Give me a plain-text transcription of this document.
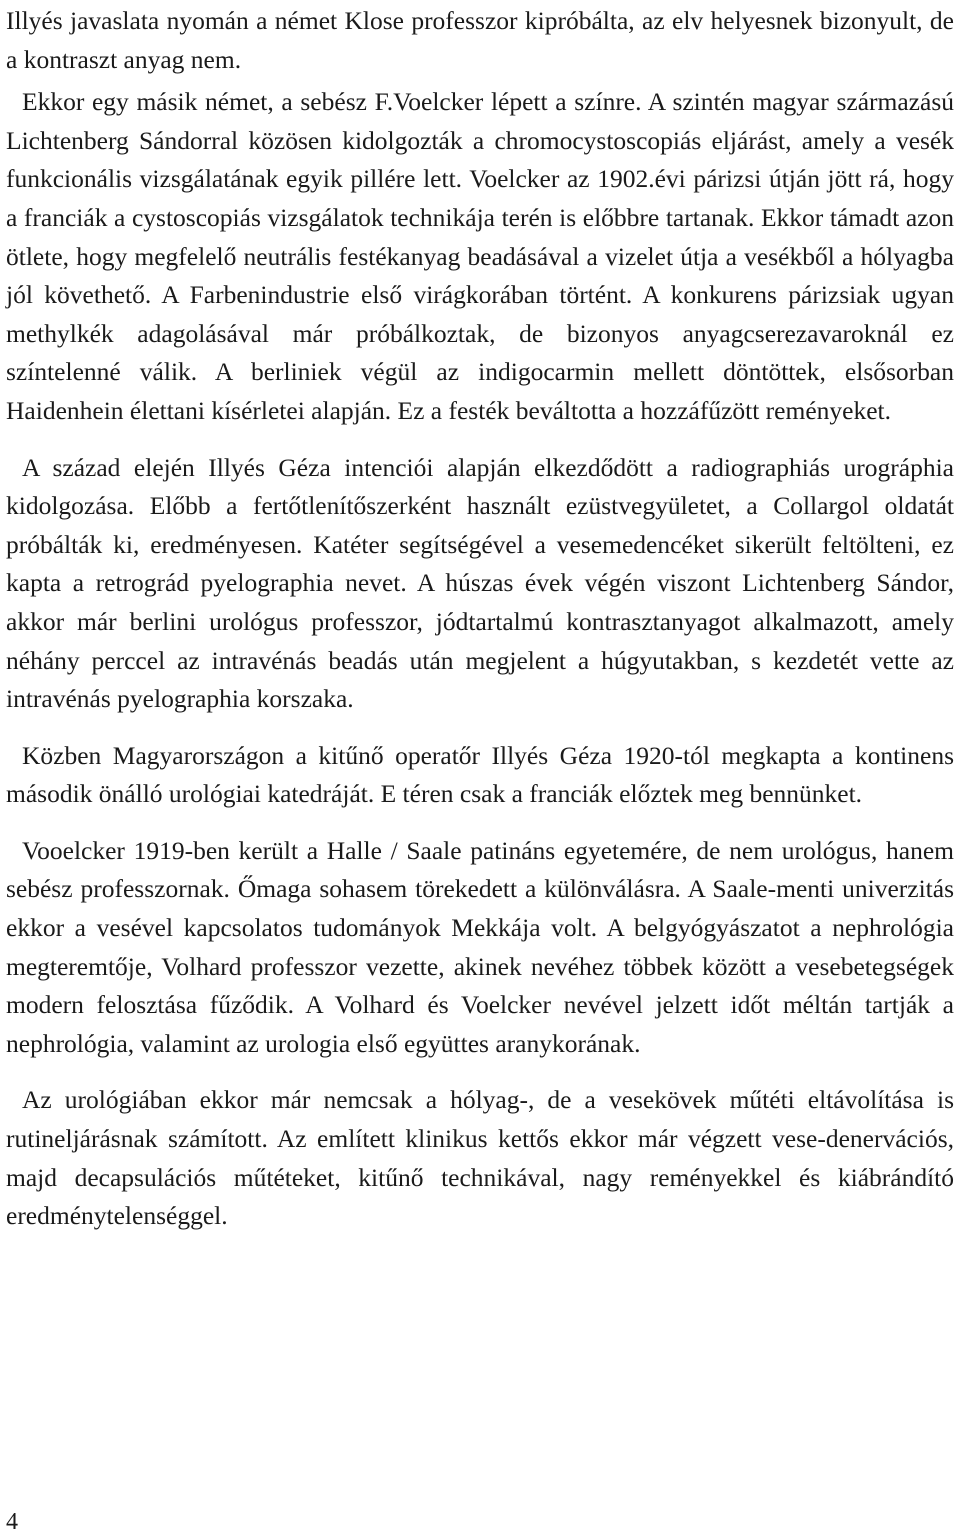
Illyés javaslata nyomán a német Klose professzor kipróbálta, az elv helyesnek bizonyult, de a kontraszt anyag nem.

Ekkor egy másik német, a sebész F.Voelcker lépett a színre. A szintén magyar származású Lichtenberg Sándorral közösen kidolgozták a chromocystoscopiás eljárást, amely a vesék funkcionális vizsgálatának egyik pillére lett. Voelcker az 1902.évi párizsi útján jött rá, hogy a franciák a cystoscopiás vizsgálatok technikája terén is előbbre tartanak. Ekkor támadt azon ötlete, hogy megfelelő neutrális festékanyag beadásával a vizelet útja a vesékből a hólyagba jól követhető. A Farbenindustrie első virágkorában történt. A konkurens párizsiak ugyan methylkék adagolásával már próbálkoztak, de bizonyos anyagcserezavaroknál ez színtelenné válik. A berliniek végül az indigocarmin mellett döntöttek, elsősorban Haidenhein élettani kísérletei alapján. Ez a festék beváltotta a hozzáfűzött reményeket.

A század elején Illyés Géza intenciói alapján elkezdődött a radiographiás urográphia kidolgozása. Előbb a fertőtlenítőszerként használt ezüstvegyületet, a Collargol oldatát próbálták ki, eredményesen. Katéter segítségével a vesemedencéket sikerült feltölteni, ez kapta a retrográd pyelographia nevet. A húszas évek végén viszont Lichtenberg Sándor, akkor már berlini urológus professzor, jódtartalmú kontrasztanyagot alkalmazott, amely néhány perccel az intravénás beadás után megjelent a húgyutakban, s kezdetét vette az intravénás pyelographia korszaka.

Közben Magyarországon a kitűnő operatőr Illyés Géza 1920-tól megkapta a kontinens második önálló urológiai katedráját. E téren csak a franciák előztek meg bennünket.

Vooelcker 1919-ben került a Halle / Saale patináns egyetemére, de nem urológus, hanem sebész professzornak. Őmaga sohasem törekedett a különválásra. A Saale-menti univerzitás ekkor a vesével kapcsolatos tudományok Mekkája volt. A belgyógyászatot a nephrológia megteremtője, Volhard professzor vezette, akinek nevéhez többek között a vesebetegségek modern felosztása fűződik. A Volhard és Voelcker nevével jelzett időt méltán tartják a nephrológia, valamint az urologia első együttes aranykorának.

Az urológiában ekkor már nemcsak a hólyag-, de a vesekövek műtéti eltávolítása is rutineljárásnak számított. Az említett klinikus kettős ekkor már végzett vese-denervációs, majd decapsulációs műtéteket, kitűnő technikával, nagy reményekkel és kiábrándító eredménytelenséggel.

4
